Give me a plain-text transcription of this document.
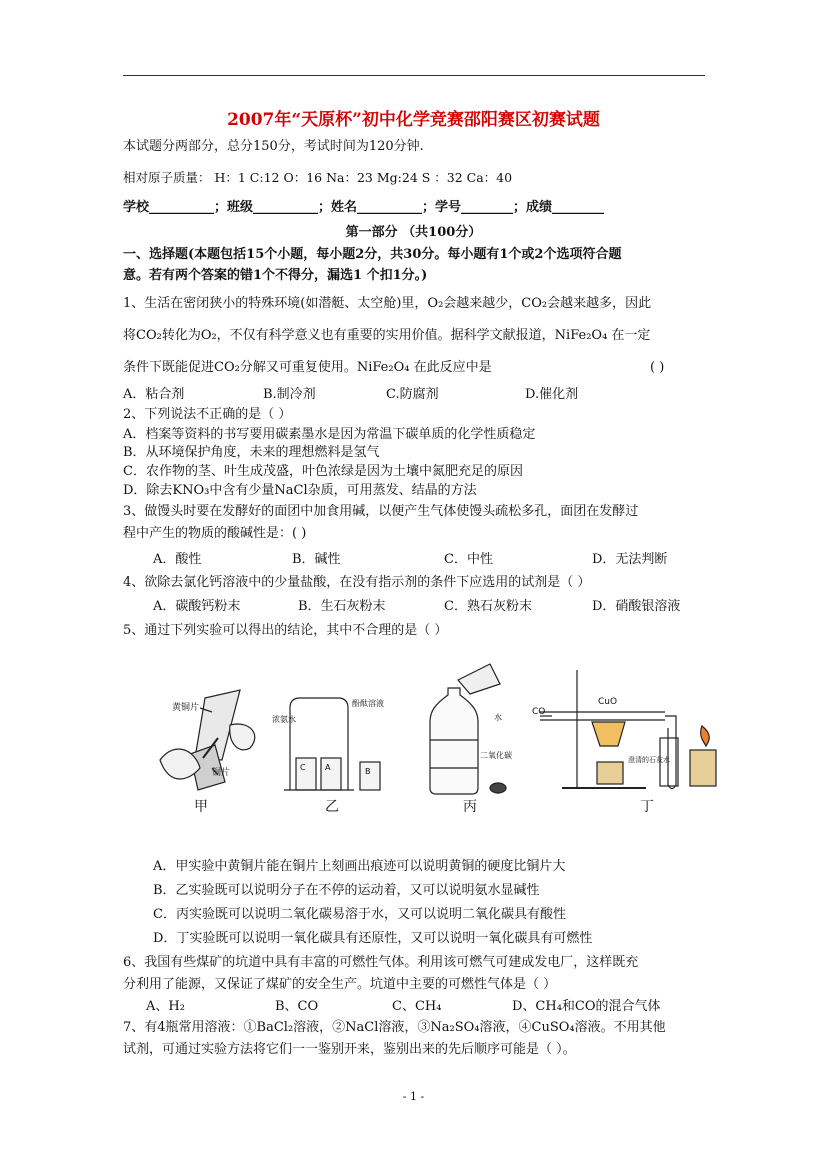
2007年“天原杯”初中化学竞赛邵阳赛区初赛试题
本试题分两部分，总分150分，考试时间为120分钟.
相对原子质量： H：1 C:12 O：16 Na：23 Mg:24 S ：32 Ca：40
学校__________；班级__________；姓名__________；学号________；成绩________
第一部分 （共100分）
一、选择题(本题包括15个小题，每小题2分，共30分。每小题有1个或2个选项符合题
意。若有两个答案的错1个不得分，漏选1 个扣1分。)
1、生活在密闭狭小的特殊环境(如潜艇、太空舱)里，O₂会越来越少，CO₂会越来越多，因此
将CO₂转化为O₂，不仅有科学意义也有重要的实用价值。据科学文献报道，NiFe₂O₄ 在一定
条件下既能促进CO₂分解又可重复使用。NiFe₂O₄ 在此反应中是	( )
A．粘合剂	B.制冷剂	C.防腐剂	D.催化剂
2、下列说法不正确的是（ ）
A．档案等资料的书写要用碳素墨水是因为常温下碳单质的化学性质稳定
B．从环境保护角度，未来的理想燃料是氢气
C．农作物的茎、叶生成茂盛，叶色浓绿是因为土壤中氮肥充足的原因
D．除去KNO₃中含有少量NaCl杂质，可用蒸发、结晶的方法
3、做馒头时要在发酵好的面团中加食用碱，以便产生气体使馒头疏松多孔，面团在发酵过
程中产生的物质的酸碱性是：( )
A．酸性	B．碱性	C．中性	D．无法判断
4、欲除去氯化钙溶液中的少量盐酸，在没有指示剂的条件下应选用的试剂是（ ）
A．碳酸钙粉末	B．生石灰粉末	C．熟石灰粉末	D．硝酸银溶液
5、通过下列实验可以得出的结论，其中不合理的是（ ）
黄铜片
铜片
C A	B
浓氨水
酚酞溶液
水
二氧化碳
CO
CuO
澄清的石灰水
甲	乙	丙	丁
A．甲实验中黄铜片能在铜片上刻画出痕迹可以说明黄铜的硬度比铜片大
B．乙实验既可以说明分子在不停的运动着，又可以说明氨水显碱性
C．丙实验既可以说明二氧化碳易溶于水，又可以说明二氧化碳具有酸性
D．丁实验既可以说明一氧化碳具有还原性，又可以说明一氧化碳具有可燃性
6、我国有些煤矿的坑道中具有丰富的可燃性气体。利用该可燃气可建成发电厂，这样既充
分利用了能源，又保证了煤矿的安全生产。坑道中主要的可燃性气体是（ ）
A、H₂	B、CO	C、CH₄	D、CH₄和CO的混合气体
7、有4瓶常用溶液：①BaCl₂溶液，②NaCl溶液，③Na₂SO₄溶液，④CuSO₄溶液。不用其他
试剂，可通过实验方法将它们一一鉴别开来，鉴别出来的先后顺序可能是（ ）。
- 1 -
